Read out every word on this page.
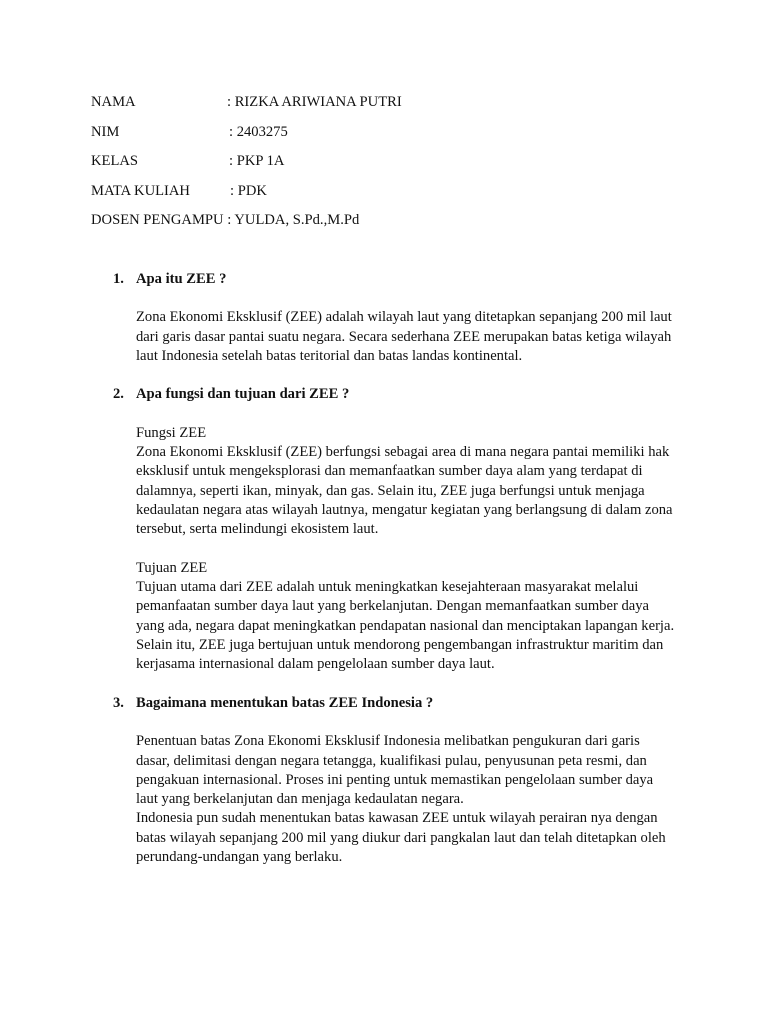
NAMA	: RIZKA ARIWIANA PUTRI
NIM	: 2403275
KELAS	: PKP 1A
MATA KULIAH	: PDK
DOSEN PENGAMPU : YULDA, S.Pd.,M.Pd
1. Apa itu ZEE ?

Zona Ekonomi Eksklusif (ZEE) adalah wilayah laut yang ditetapkan sepanjang 200 mil laut dari garis dasar pantai suatu negara. Secara sederhana ZEE merupakan batas ketiga wilayah laut Indonesia setelah batas teritorial dan batas landas kontinental.

2. Apa fungsi dan tujuan dari ZEE ?

Fungsi ZEE

Zona Ekonomi Eksklusif (ZEE) berfungsi sebagai area di mana negara pantai memiliki hak eksklusif untuk mengeksplorasi dan memanfaatkan sumber daya alam yang terdapat di dalamnya, seperti ikan, minyak, dan gas. Selain itu, ZEE juga berfungsi untuk menjaga kedaulatan negara atas wilayah lautnya, mengatur kegiatan yang berlangsung di dalam zona tersebut, serta melindungi ekosistem laut.

Tujuan ZEE

Tujuan utama dari ZEE adalah untuk meningkatkan kesejahteraan masyarakat melalui pemanfaatan sumber daya laut yang berkelanjutan. Dengan memanfaatkan sumber daya yang ada, negara dapat meningkatkan pendapatan nasional dan menciptakan lapangan kerja. Selain itu, ZEE juga bertujuan untuk mendorong pengembangan infrastruktur maritim dan kerjasama internasional dalam pengelolaan sumber daya laut.

3. Bagaimana menentukan batas ZEE Indonesia ?

Penentuan batas Zona Ekonomi Eksklusif Indonesia melibatkan pengukuran dari garis dasar, delimitasi dengan negara tetangga, kualifikasi pulau, penyusunan peta resmi, dan pengakuan internasional. Proses ini penting untuk memastikan pengelolaan sumber daya laut yang berkelanjutan dan menjaga kedaulatan negara.

Indonesia pun sudah menentukan batas kawasan ZEE untuk wilayah perairan nya dengan batas wilayah sepanjang 200 mil yang diukur dari pangkalan laut dan telah ditetapkan oleh perundang-undangan yang berlaku.
